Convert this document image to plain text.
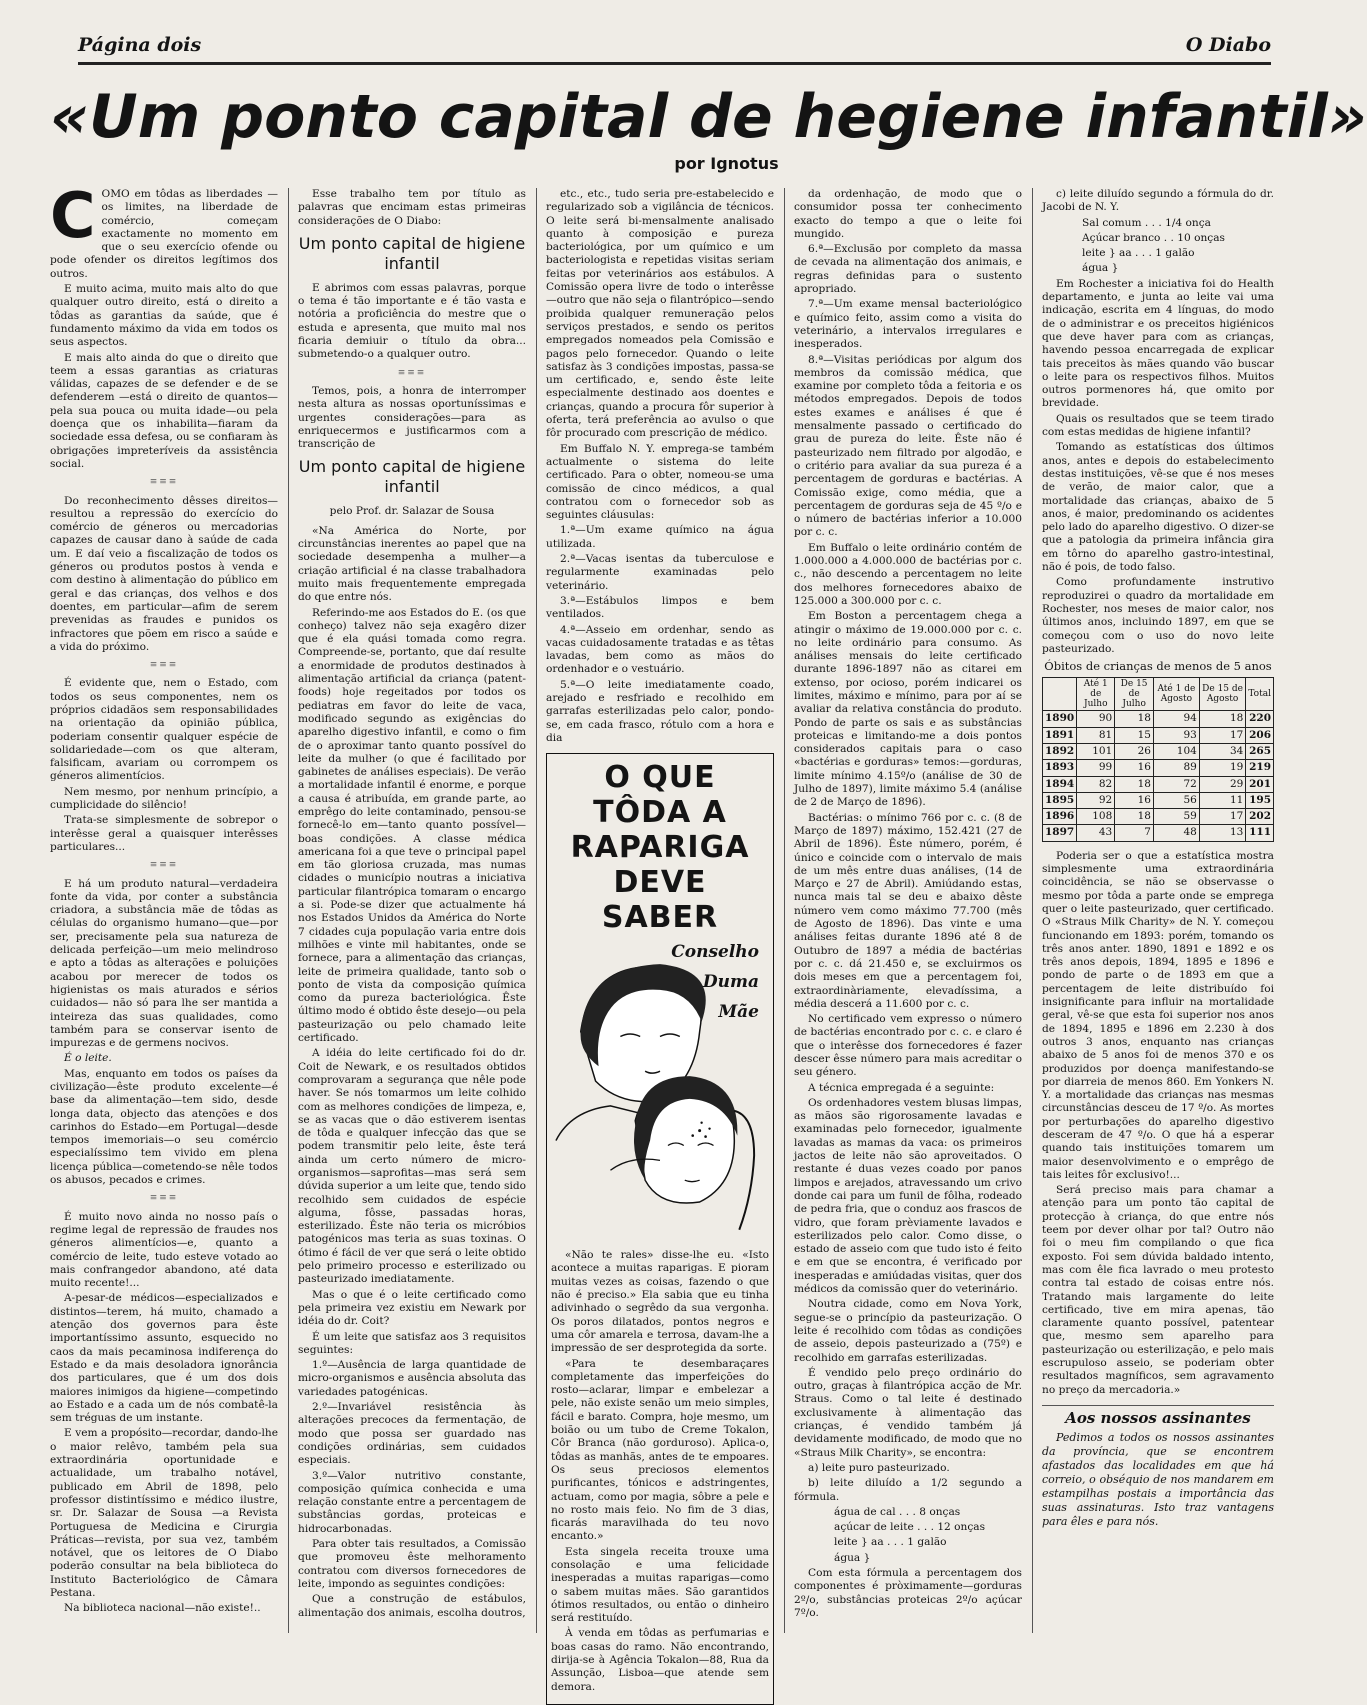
Página dois	O Diabo
«Um ponto capital de hegiene infantil»
por Ignotus

COMO em tôdas as liberdades —os limites, na liberdade de comércio, começam exactamente no momento em que o seu exercício ofende ou pode ofender os direitos legítimos dos outros.

E muito acima, muito mais alto do que qualquer outro direito, está o direito a tôdas as garantias da saúde, que é fundamento máximo da vida em todos os seus aspectos.

E mais alto ainda do que o direito que teem a essas garantias as criaturas válidas, capazes de se defender e de se defenderem —está o direito de quantos— pela sua pouca ou muita idade—ou pela doença que os inhabilita—fiaram da sociedade essa defesa, ou se confiaram às obrigações impreteríveis da assistência social.

≡≡≡

Do reconhecimento dêsses direitos—resultou a repressão do exercício do comércio de géneros ou mercadorias capazes de causar dano à saúde de cada um. E daí veio a fiscalização de todos os géneros ou produtos postos à venda e com destino à alimentação do público em geral e das crianças, dos velhos e dos doentes, em particular—afim de serem prevenidas as fraudes e punidos os infractores que põem em risco a saúde e a vida do próximo.

≡≡≡

É evidente que, nem o Estado, com todos os seus componentes, nem os próprios cidadãos sem responsabilidades na orientação da opinião pública, poderiam consentir qualquer espécie de solidariedade—com os que alteram, falsificam, avariam ou corrompem os géneros alimentícios.

Nem mesmo, por nenhum princípio, a cumplicidade do silêncio!

Trata-se simplesmente de sobrepor o interêsse geral a quaisquer interêsses particulares...

≡≡≡

E há um produto natural—verdadeira fonte da vida, por conter a substância criadora, a substância mãe de tôdas as células do organismo humano—que—por ser, precisamente pela sua natureza de delicada perfeição—um meio melindroso e apto a tôdas as alterações e poluições acabou por merecer de todos os higienistas os mais aturados e sérios cuidados— não só para lhe ser mantida a inteireza das suas qualidades, como também para se conservar isento de impurezas e de germens nocivos.

É o leite.

Mas, enquanto em todos os países da civilização—êste produto excelente—é base da alimentação—tem sido, desde longa data, objecto das atenções e dos carinhos do Estado—em Portugal—desde tempos imemoriais—o seu comércio especialíssimo tem vivido em plena licença pública—cometendo-se nêle todos os abusos, pecados e crimes.

≡≡≡

É muito novo ainda no nosso país o regime legal de repressão de fraudes nos géneros alimentícios—e, quanto a comércio de leite, tudo esteve votado ao mais confrangedor abandono, até data muito recente!...

A-pesar-de médicos—especializados e distintos—terem, há muito, chamado a atenção dos governos para êste importantíssimo assunto, esquecido no caos da mais pecaminosa indiferença do Estado e da mais desoladora ignorância dos particulares, que é um dos dois maiores inimigos da higiene—competindo ao Estado e a cada um de nós combatê-la sem tréguas de um instante.

E vem a propósito—recordar, dando-lhe o maior relêvo, também pela sua extraordinária oportunidade e actualidade, um trabalho notável, publicado em Abril de 1898, pelo professor distintíssimo e médico ilustre, sr. Dr. Salazar de Sousa —a Revista Portuguesa de Medicina e Cirurgia Práticas—revista, por sua vez, também notável, que os leitores de O Diabo poderão consultar na bela biblioteca do Instituto Bacteriológico de Câmara Pestana.

Na biblioteca nacional—não existe!..

Esse trabalho tem por título as palavras que encimam estas primeiras considerações de O Diabo:

Um ponto capital de higiene infantil

E abrimos com essas palavras, porque o tema é tão importante e é tão vasta e notória a proficiência do mestre que o estuda e apresenta, que muito mal nos ficaria demiuir o título da obra... submetendo-o a qualquer outro.

≡≡≡

Temos, pois, a honra de interromper nesta altura as nossas oportuníssimas e urgentes considerações—para as enriquecermos e justificarmos com a transcrição de

Um ponto capital de higiene infantil
pelo Prof. dr. Salazar de Sousa

«Na América do Norte, por circunstâncias inerentes ao papel que na sociedade desempenha a mulher—a criação artificial é na classe trabalhadora muito mais frequentemente empregada do que entre nós.

Referindo-me aos Estados do E. (os que conheço) talvez não seja exagêro dizer que é ela quási tomada como regra. Compreende-se, portanto, que daí resulte a enormidade de produtos destinados à alimentação artificial da criança (patent-foods) hoje regeitados por todos os pediatras em favor do leite de vaca, modificado segundo as exigências do aparelho digestivo infantil, e como o fim de o aproximar tanto quanto possível do leite da mulher (o que é facilitado por gabinetes de análises especiais). De verão a mortalidade infantil é enorme, e porque a causa é atribuída, em grande parte, ao emprêgo do leite contaminado, pensou-se fornecê-lo em—tanto quanto possível—boas condições. A classe médica americana foi a que teve o principal papel em tão gloriosa cruzada, mas numas cidades o município noutras a iniciativa particular filantrópica tomaram o encargo a si. Pode-se dizer que actualmente há nos Estados Unidos da América do Norte 7 cidades cuja população varia entre dois milhões e vinte mil habitantes, onde se fornece, para a alimentação das crianças, leite de primeira qualidade, tanto sob o ponto de vista da composição química como da pureza bacteriológica. Êste último modo é obtido êste desejo—ou pela pasteurização ou pelo chamado leite certificado.

A idéia do leite certificado foi do dr. Coit de Newark, e os resultados obtidos comprovaram a segurança que nêle pode haver. Se nós tomarmos um leite colhido com as melhores condições de limpeza, e, se as vacas que o dão estiverem isentas de tôda e qualquer infecção das que se podem transmitir pelo leite, êste terá ainda um certo número de micro-organismos—saprofitas—mas será sem dúvida superior a um leite que, tendo sido recolhido sem cuidados de espécie alguma, fôsse, passadas horas, esterilizado. Êste não teria os micróbios patogénicos mas teria as suas toxinas. O ótimo é fácil de ver que será o leite obtido pelo primeiro processo e esterilizado ou pasteurizado imediatamente.

Mas o que é o leite certificado como pela primeira vez existiu em Newark por idéia do dr. Coit?

É um leite que satisfaz aos 3 requisitos seguintes:

1.º—Ausência de larga quantidade de micro-organismos e ausência absoluta das variedades patogénicas.

2.º—Invariável resistência às alterações precoces da fermentação, de modo que possa ser guardado nas condições ordinárias, sem cuidados especiais.

3.º—Valor nutritivo constante, composição química conhecida e uma relação constante entre a percentagem de substâncias gordas, proteicas e hidrocarbonadas.

Para obter tais resultados, a Comissão que promoveu êste melhoramento contratou com diversos fornecedores de leite, impondo as seguintes condições:

Que a construção de estábulos, alimentação dos animais, escolha doutros,

etc., etc., tudo seria pre-estabelecido e regularizado sob a vigilância de técnicos. O leite será bi-mensalmente analisado quanto à composição e pureza bacteriológica, por um químico e um bacteriologista e repetidas visitas seriam feitas por veterinários aos estábulos. A Comissão opera livre de todo o interêsse—outro que não seja o filantrópico—sendo proibida qualquer remuneração pelos serviços prestados, e sendo os peritos empregados nomeados pela Comissão e pagos pelo fornecedor. Quando o leite satisfaz às 3 condições impostas, passa-se um certificado, e, sendo êste leite especialmente destinado aos doentes e crianças, quando a procura fôr superior à oferta, terá preferência ao avulso o que fôr procurado com prescrição de médico.

Em Buffalo N. Y. emprega-se também actualmente o sistema do leite certificado. Para o obter, nomeou-se uma comissão de cinco médicos, a qual contratou com o fornecedor sob as seguintes cláusulas:

1.ª—Um exame químico na água utilizada.

2.ª—Vacas isentas da tuberculose e regularmente examinadas pelo veterinário.

3.ª—Estábulos limpos e bem ventilados.

4.ª—Asseio em ordenhar, sendo as vacas cuidadosamente tratadas e as têtas lavadas, bem como as mãos do ordenhador e o vestuário.

5.ª—O leite imediatamente coado, arejado e resfriado e recolhido em garrafas esterilizadas pelo calor, pondo-se, em cada frasco, rótulo com a hora e dia

O QUE TÔDA A RAPARIGA DEVE SABER
Conselho
Duma
Mãe

«Não te rales» disse-lhe eu. «Isto acontece a muitas raparigas. E pioram muitas vezes as coisas, fazendo o que não é preciso.» Ela sabia que eu tinha adivinhado o segrêdo da sua vergonha. Os poros dilatados, pontos negros e uma côr amarela e terrosa, davam-lhe a impressão de ser desprotegida da sorte.

«Para te desembaraçares completamente das imperfeições do rosto—aclarar, limpar e embelezar a pele, não existe senão um meio simples, fácil e barato. Compra, hoje mesmo, um boião ou um tubo de Creme Tokalon, Côr Branca (não gorduroso). Aplica-o, tôdas as manhãs, antes de te empoares. Os seus preciosos elementos purificantes, tónicos e adstringentes, actuam, como por magia, sôbre a pele e no rosto mais feio. No fim de 3 dias, ficarás maravilhada do teu novo encanto.»

Esta singela receita trouxe uma consolação e uma felicidade inesperadas a muitas raparigas—como o sabem muitas mães. São garantidos ótimos resultados, ou então o dinheiro será restituído.

À venda em tôdas as perfumarias e boas casas do ramo. Não encontrando, dirija-se à Agência Tokalon—88, Rua da Assunção, Lisboa—que atende sem demora.

da ordenhação, de modo que o consumidor possa ter conhecimento exacto do tempo a que o leite foi mungido.

6.ª—Exclusão por completo da massa de cevada na alimentação dos animais, e regras definidas para o sustento apropriado.

7.ª—Um exame mensal bacteriológico e químico feito, assim como a visita do veterinário, a intervalos irregulares e inesperados.

8.ª—Visitas periódicas por algum dos membros da comissão médica, que examine por completo tôda a feitoria e os métodos empregados. Depois de todos estes exames e análises é que é mensalmente passado o certificado do grau de pureza do leite. Êste não é pasteurizado nem filtrado por algodão, e o critério para avaliar da sua pureza é a percentagem de gorduras e bactérias. A Comissão exige, como média, que a percentagem de gorduras seja de 45 º/o e o número de bactérias inferior a 10.000 por c. c.

Em Buffalo o leite ordinário contém de 1.000.000 a 4.000.000 de bactérias por c. c., não descendo a percentagem no leite dos melhores fornecedores abaixo de 125.000 a 300.000 por c. c.

Em Boston a percentagem chega a atingir o máximo de 19.000.000 por c. c. no leite ordinário para consumo. As análises mensais do leite certificado durante 1896-1897 não as citarei em extenso, por ocioso, porém indicarei os limites, máximo e mínimo, para por aí se avaliar da relativa constância do produto. Pondo de parte os sais e as substâncias proteicas e limitando-me a dois pontos considerados capitais para o caso «bactérias e gorduras» temos:—gorduras, limite mínimo 4.15º/o (análise de 30 de Julho de 1897), limite máximo 5.4 (análise de 2 de Março de 1896).

Bactérias: o mínimo 766 por c. c. (8 de Março de 1897) máximo, 152.421 (27 de Abril de 1896). Êste número, porém, é único e coincide com o intervalo de mais de um mês entre duas análises, (14 de Março e 27 de Abril). Amiúdando estas, nunca mais tal se deu e abaixo dêste número vem como máximo 77.700 (mês de Agosto de 1896). Das vinte e uma análises feitas durante 1896 até 8 de Outubro de 1897 a média de bactérias por c. c. dá 21.450 e, se excluirmos os dois meses em que a percentagem foi, extraordinàriamente, elevadíssima, a média descerá a 11.600 por c. c.

No certificado vem expresso o número de bactérias encontrado por c. c. e claro é que o interêsse dos fornecedores é fazer descer êsse número para mais acreditar o seu género.

A técnica empregada é a seguinte:

Os ordenhadores vestem blusas limpas, as mãos são rigorosamente lavadas e examinadas pelo fornecedor, igualmente lavadas as mamas da vaca: os primeiros jactos de leite não são aproveitados. O restante é duas vezes coado por panos limpos e arejados, atravessando um crivo donde cai para um funil de fôlha, rodeado de pedra fria, que o conduz aos frascos de vidro, que foram prèviamente lavados e esterilizados pelo calor. Como disse, o estado de asseio com que tudo isto é feito e em que se encontra, é verificado por inesperadas e amiúdadas visitas, quer dos médicos da comissão quer do veterinário.

Noutra cidade, como em Nova York, segue-se o princípio da pasteurização. O leite é recolhido com tôdas as condições de asseio, depois pasteurizado a (75º) e recolhido em garrafas esterilizadas.

É vendido pelo preço ordinário do outro, graças à filantrópica acção de Mr. Straus. Como o tal leite é destinado exclusivamente à alimentação das crianças, é vendido também já devidamente modificado, de modo que no «Straus Milk Charity», se encontra:

a) leite puro pasteurizado.

b) leite diluído a 1/2 segundo a fórmula.

água de cal . . . 8 onças

açúcar de leite . . . 12 onças

leite } aa . . . 1 galão

água }

Com esta fórmula a percentagem dos componentes é pròximamente—gorduras 2º/o, substâncias proteicas 2º/o açúcar 7º/o.

c) leite diluído segundo a fórmula do dr. Jacobi de N. Y.

Sal comum . . . 1/4 onça

Açúcar branco . . 10 onças

leite } aa . . . 1 galão

água }

Em Rochester a iniciativa foi do Health departamento, e junta ao leite vai uma indicação, escrita em 4 línguas, do modo de o administrar e os preceitos higiénicos que deve haver para com as crianças, havendo pessoa encarregada de explicar tais preceitos às mães quando vão buscar o leite para os respectivos filhos. Muitos outros pormenores há, que omito por brevidade.

Quais os resultados que se teem tirado com estas medidas de higiene infantil?

Tomando as estatísticas dos últimos anos, antes e depois do estabelecimento destas instituições, vê-se que é nos meses de verão, de maior calor, que a mortalidade das crianças, abaixo de 5 anos, é maior, predominando os acidentes pelo lado do aparelho digestivo. O dizer-se que a patologia da primeira infância gira em tôrno do aparelho gastro-intestinal, não é pois, de todo falso.

Como profundamente instrutivo reproduzirei o quadro da mortalidade em Rochester, nos meses de maior calor, nos últimos anos, incluindo 1897, em que se começou com o uso do novo leite pasteurizado.

Óbitos de crianças de menos de 5 anos
	Até 1 de Julho	De 15 de Julho	Até 1 de Agosto	De 15 de Agosto	Total
1890	90	18	94	18	220
1891	81	15	93	17	206
1892	101	26	104	34	265
1893	99	16	89	19	219
1894	82	18	72	29	201
1895	92	16	56	11	195
1896	108	18	59	17	202
1897	43	7	48	13	111

Poderia ser o que a estatística mostra simplesmente uma extraordinária coincidência, se não se observasse o mesmo por tôda a parte onde se emprega quer o leite pasteurizado, quer certificado. O «Straus Milk Charity» de N. Y. começou funcionando em 1893: porém, tomando os três anos anter. 1890, 1891 e 1892 e os três anos depois, 1894, 1895 e 1896 e pondo de parte o de 1893 em que a percentagem de leite distribuído foi insignificante para influir na mortalidade geral, vê-se que esta foi superior nos anos de 1894, 1895 e 1896 em 2.230 à dos outros 3 anos, enquanto nas crianças abaixo de 5 anos foi de menos 370 e os produzidos por doença manifestando-se por diarreia de menos 860. Em Yonkers N. Y. a mortalidade das crianças nas mesmas circunstâncias desceu de 17 º/o. As mortes por perturbações do aparelho digestivo desceram de 47 º/o. O que há a esperar quando tais instituições tomarem um maior desenvolvimento e o emprêgo de tais leites fôr exclusivo!...

Será preciso mais para chamar a atenção para um ponto tão capital de protecção à criança, do que entre nós teem por dever olhar por tal? Outro não foi o meu fim compilando o que fica exposto. Foi sem dúvida baldado intento, mas com êle fica lavrado o meu protesto contra tal estado de coisas entre nós. Tratando mais largamente do leite certificado, tive em mira apenas, tão claramente quanto possível, patentear que, mesmo sem aparelho para pasteurização ou esterilização, e pelo mais escrupuloso asseio, se poderiam obter resultados magníficos, sem agravamento no preço da mercadoria.»

Aos nossos assinantes

Pedimos a todos os nossos assinantes da província, que se encontrem afastados das localidades em que há correio, o obséquio de nos mandarem em estampilhas postais a importância das suas assinaturas. Isto traz vantagens para êles e para nós.
